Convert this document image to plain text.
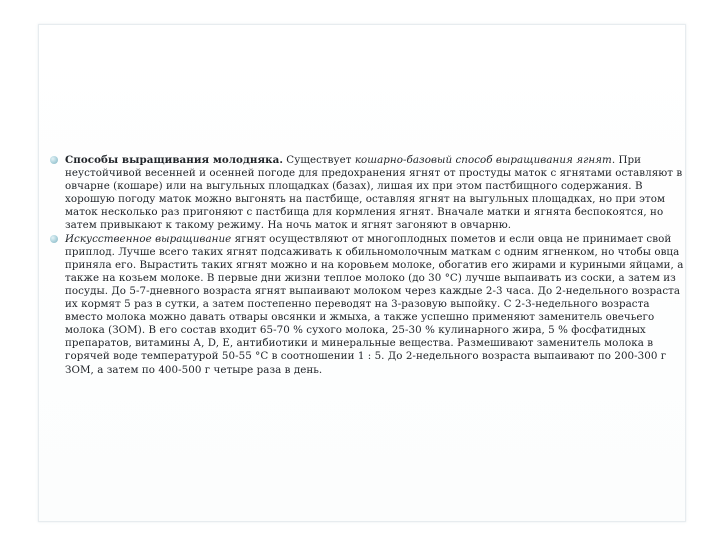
Способы выращивания молодняка. Существует кошарно-базовый способ выращивания ягнят. При неустойчивой весенней и осенней погоде для предохранения ягнят от простуды маток с ягнятами оставляют в овчарне (кошаре) или на выгульных площадках (базах), лишая их при этом пастбищного содержания. В хорошую погоду маток можно выгонять на пастбище, оставляя ягнят на выгульных площадках, но при этом маток несколько раз пригоняют с пастбища для кормления ягнят. Вначале матки и ягнята беспокоятся, но затем привыкают к такому режиму. На ночь маток и ягнят загоняют в овчарню.
Искусственное выращивание ягнят осуществляют от многоплодных пометов и если овца не принимает свой приплод. Лучше всего таких ягнят подсаживать к обильномолочным маткам с одним ягненком, но чтобы овца приняла его. Вырастить таких ягнят можно и на коровьем молоке, обогатив его жирами и куриными яйцами, а также на козьем молоке. В первые дни жизни теплое молоко (до 30 °С) лучше выпаивать из соски, а затем из посуды. До 5-7-дневного возраста ягнят выпаивают молоком через каждые 2-3 часа. До 2-недельного возраста их кормят 5 раз в сутки, а затем постепенно переводят на 3-разовую выпойку. С 2-3-недельного возраста вместо молока можно давать отвары овсянки и жмыха, а также успешно применяют заменитель овечьего молока (ЗОМ). В его состав входит 65-70 % сухого молока, 25-30 % кулинарного жира, 5 % фосфатидных препаратов, витамины А, D, Е, антибиотики и минеральные вещества. Размешивают заменитель молока в горячей воде температурой 50-55 °С в соотношении 1 : 5. До 2-недельного возраста выпаивают по 200-300 г ЗОМ, а затем по 400-500 г четыре раза в день.
